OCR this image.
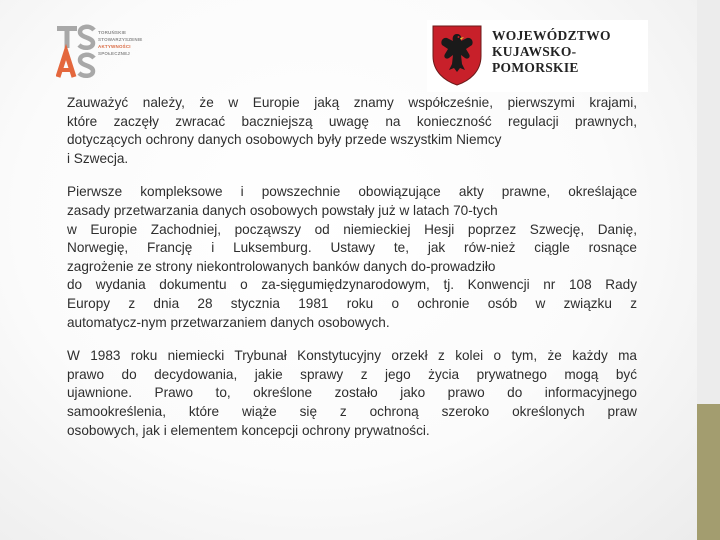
TORUŃSKIE
STOWARZYSZENIE
AKTYWNOŚCI
SPOŁECZNEJ
WOJEWÓDZTWO
KUJAWSKO-POMORSKIE
Zauważyć należy, że w Europie jaką znamy współcześnie, pierwszymi krajami,
które zaczęły zwracać baczniejszą uwagę na konieczność regulacji prawnych,
dotyczących ochrony danych osobowych były przede wszystkim Niemcy
i Szwecja.
Pierwsze kompleksowe i powszechnie obowiązujące akty prawne, określające
zasady przetwarzania danych osobowych powstały już w latach 70-tych
w Europie Zachodniej, począwszy od niemieckiej Hesji poprzez Szwecję, Danię,
Norwegię, Francję i Luksemburg. Ustawy te, jak rów-nież ciągle rosnące
zagrożenie ze strony niekontrolowanych banków danych do-prowadziło
do wydania dokumentu o za-sięgumiędzynarodowym, tj. Konwencji nr 108 Rady
Europy z dnia 28 stycznia 1981 roku o ochronie osób w związku z
automatycz-nym przetwarzaniem danych osobowych.
W 1983 roku niemiecki Trybunał Konstytucyjny orzekł z kolei o tym, że każdy ma
prawo do decydowania, jakie sprawy z jego życia prywatnego mogą być
ujawnione. Prawo to, określone zostało jako prawo do informacyjnego
samookreślenia, które wiąże się z ochroną szeroko określonych praw
osobowych, jak i elementem koncepcji ochrony prywatności.
